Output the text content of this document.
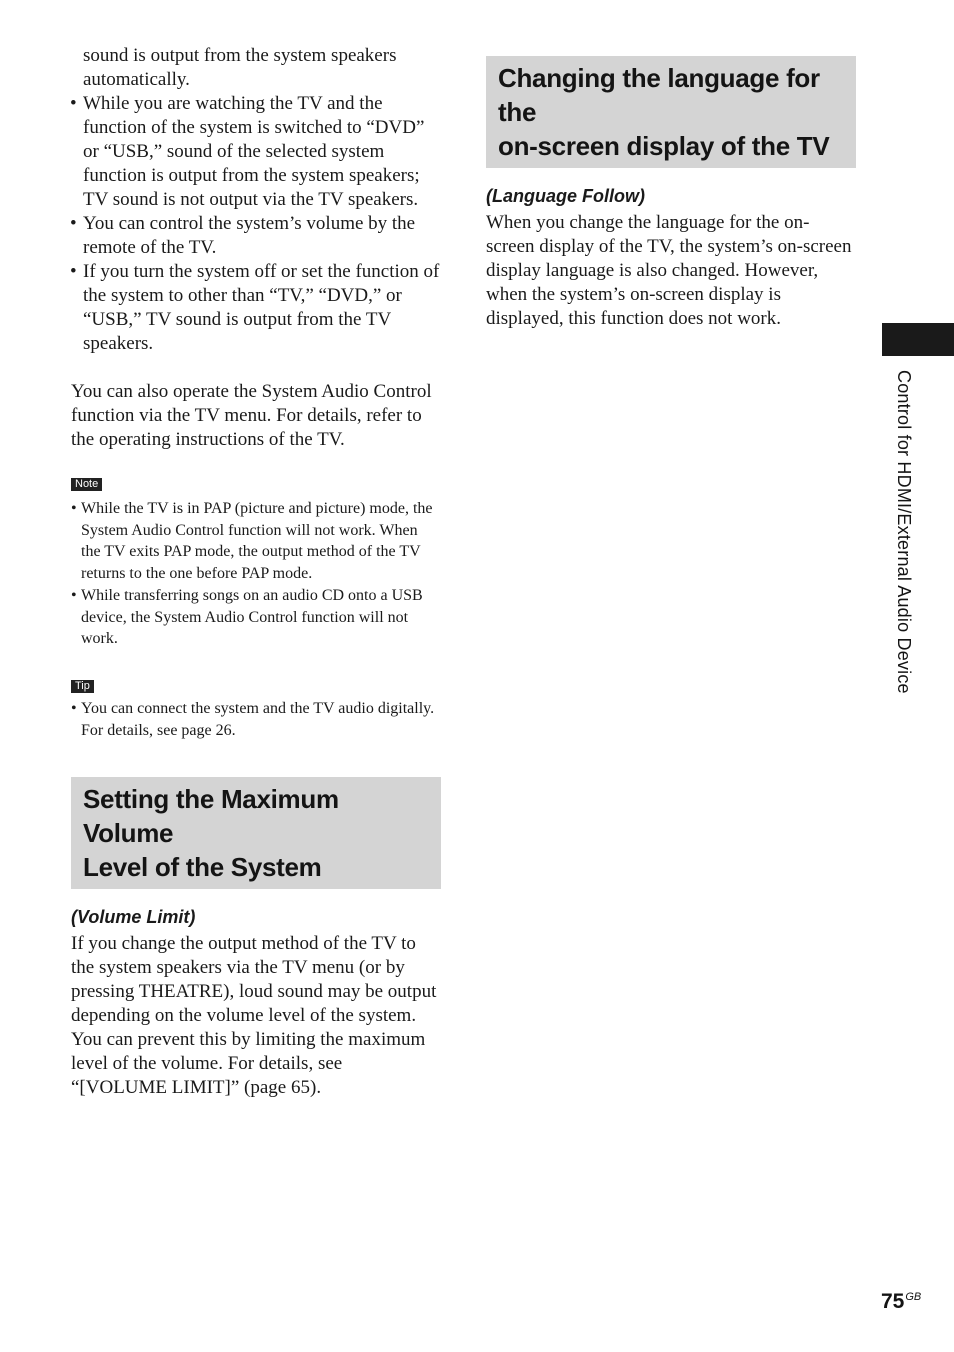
sound is output from the system speakers automatically.

• While you are watching the TV and the function of the system is switched to “DVD” or “USB,” sound of the selected system function is output from the system speakers; TV sound is not output via the TV speakers.
• You can control the system’s volume by the remote of the TV.
• If you turn the system off or set the function of the system to other than “TV,” “DVD,” or “USB,” TV sound is output from the TV speakers.

You can also operate the System Audio Control function via the TV menu. For details, refer to the operating instructions of the TV.

Note
• While the TV is in PAP (picture and picture) mode, the System Audio Control function will not work. When the TV exits PAP mode, the output method of the TV returns to the one before PAP mode.
• While transferring songs on an audio CD onto a USB device, the System Audio Control function will not work.
Tip
• You can connect the system and the TV audio digitally. For details, see page 26.
Setting the Maximum Volume
Level of the System

(Volume Limit)

If you change the output method of the TV to the system speakers via the TV menu (or by pressing THEATRE), loud sound may be output depending on the volume level of the system. You can prevent this by limiting the maximum level of the volume. For details, see “[VOLUME LIMIT]” (page 65).

Changing the language for the
on-screen display of the TV

(Language Follow)

When you change the language for the on-screen display of the TV, the system’s on-screen display language is also changed. However, when the system’s on-screen display is displayed, this function does not work.

Control for HDMI/External Audio Device
$75^{GB}$
